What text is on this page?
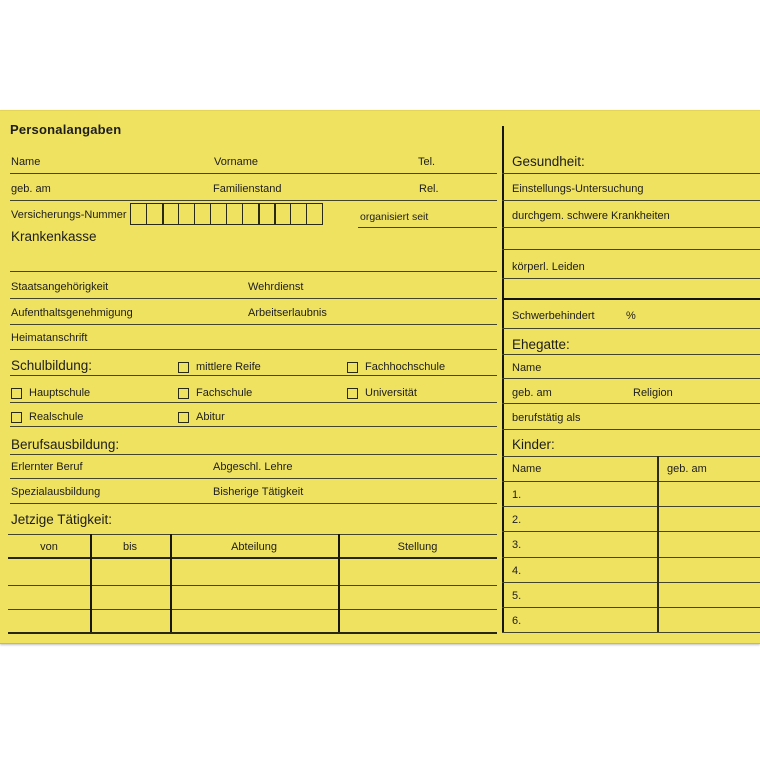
Personalangaben
Name	Vorname	Tel.
geb. am	Familienstand	Rel.
Versicherungs-Nummer	organisiert seit
Krankenkasse
Staatsangehörigkeit	Wehrdienst
Aufenthaltsgenehmigung	Arbeitserlaubnis
Heimatanschrift
Schulbildung:	mittlere Reife	Fachhochschule
Hauptschule	Fachschule	Universität
Realschule	Abitur
Berufsausbildung:
Erlernter Beruf	Abgeschl. Lehre
Spezialausbildung	Bisherige Tätigkeit
Jetzige Tätigkeit:
von	bis	Abteilung	Stellung
Gesundheit:
Einstellungs-Untersuchung
durchgem. schwere Krankheiten
körperl. Leiden
Schwerbehindert	%
Ehegatte:
Name
geb. am	Religion
berufstätig als
Kinder:
Name	geb. am
1.
2.
3.
4.
5.
6.
